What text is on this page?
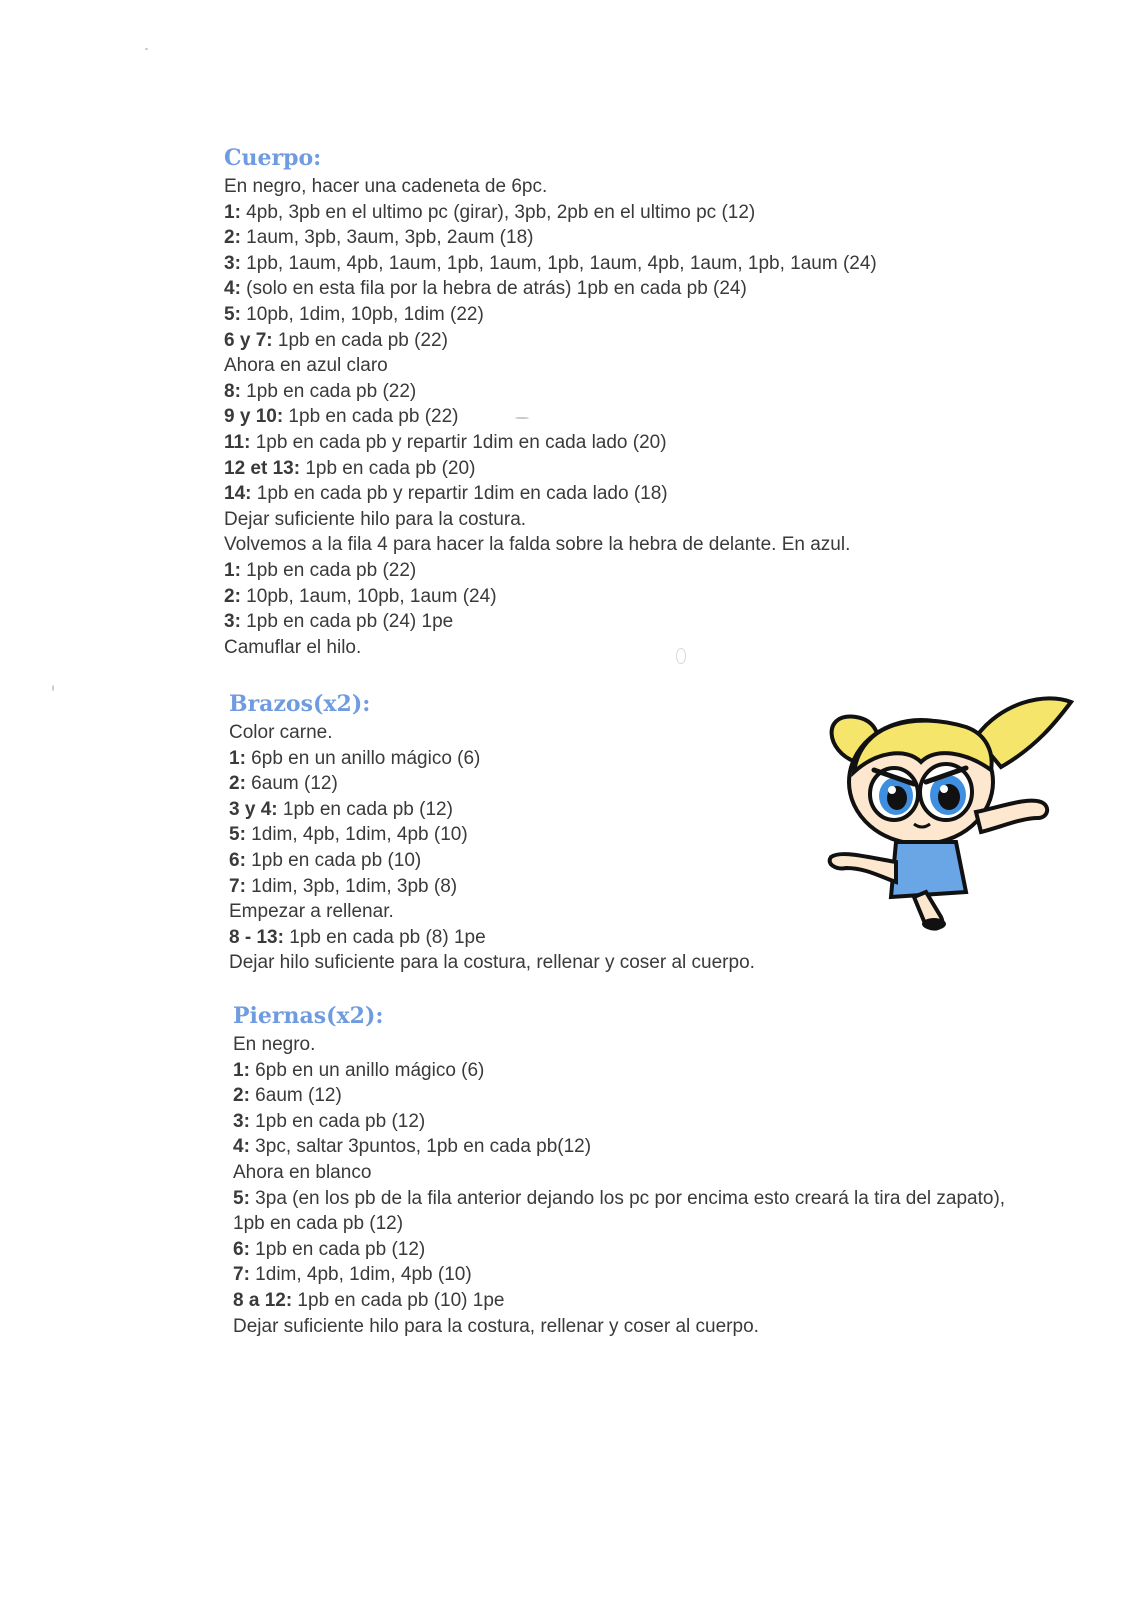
Cuerpo:
En negro, hacer una cadeneta de 6pc.
1: 4pb, 3pb en el ultimo pc (girar), 3pb, 2pb en el ultimo pc (12)
2: 1aum, 3pb, 3aum, 3pb, 2aum (18)
3: 1pb, 1aum, 4pb, 1aum, 1pb, 1aum, 1pb, 1aum, 4pb, 1aum, 1pb, 1aum (24)
4: (solo en esta fila por la hebra de atrás) 1pb en cada pb (24)
5: 10pb, 1dim, 10pb, 1dim (22)
6 y 7: 1pb en cada pb (22)
Ahora en azul claro
8: 1pb en cada pb (22)
9 y 10: 1pb en cada pb (22)
11: 1pb en cada pb y repartir 1dim en cada lado (20)
12 et 13: 1pb en cada pb (20)
14: 1pb en cada pb y repartir 1dim en cada lado (18)
Dejar suficiente hilo para la costura.
Volvemos a la fila 4 para hacer la falda sobre la hebra de delante. En azul.
1: 1pb en cada pb (22)
2: 10pb, 1aum, 10pb, 1aum (24)
3: 1pb en cada pb (24) 1pe
Camuflar el hilo.
Brazos(x2):
Color carne.
1: 6pb en un anillo mágico (6)
2: 6aum (12)
3 y 4: 1pb en cada pb (12)
5: 1dim, 4pb, 1dim, 4pb (10)
6: 1pb en cada pb (10)
7: 1dim, 3pb, 1dim, 3pb (8)
Empezar a rellenar.
8 - 13: 1pb en cada pb (8) 1pe
Dejar hilo suficiente para la costura, rellenar y coser al cuerpo.
Piernas(x2):
En negro.
1: 6pb en un anillo mágico (6)
2: 6aum (12)
3: 1pb en cada pb (12)
4: 3pc, saltar 3puntos, 1pb en cada pb(12)
Ahora en blanco
5: 3pa (en los pb de la fila anterior dejando los pc por encima esto creará la tira del zapato), 1pb en cada pb (12)
6: 1pb en cada pb (12)
7: 1dim, 4pb, 1dim, 4pb (10)
8 a 12: 1pb en cada pb (10) 1pe
Dejar suficiente hilo para la costura, rellenar y coser al cuerpo.
